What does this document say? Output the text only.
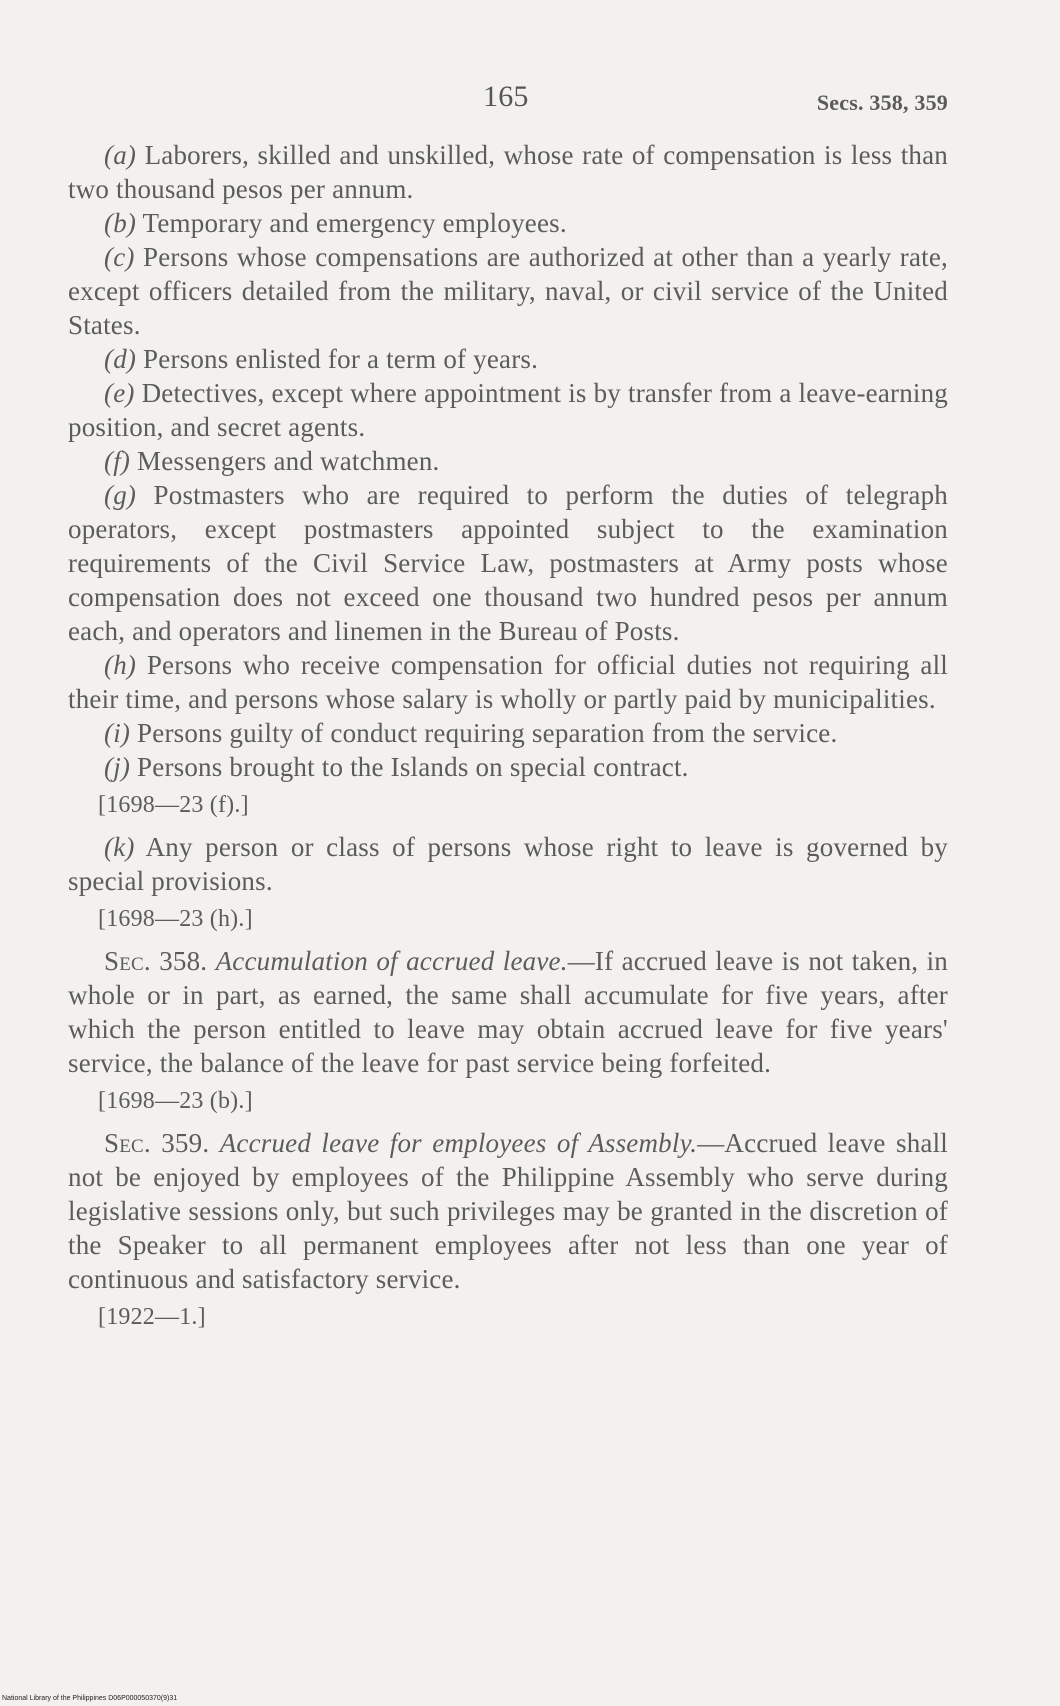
165	Secs. 358, 359

(a) Laborers, skilled and unskilled, whose rate of compensation is less than two thousand pesos per annum.

(b) Temporary and emergency employees.

(c) Persons whose compensations are authorized at other than a yearly rate, except officers detailed from the military, naval, or civil service of the United States.

(d) Persons enlisted for a term of years.

(e) Detectives, except where appointment is by transfer from a leave-earning position, and secret agents.

(f) Messengers and watchmen.

(g) Postmasters who are required to perform the duties of telegraph operators, except postmasters appointed subject to the examination requirements of the Civil Service Law, postmasters at Army posts whose compensation does not exceed one thousand two hundred pesos per annum each, and operators and linemen in the Bureau of Posts.

(h) Persons who receive compensation for official duties not requiring all their time, and persons whose salary is wholly or partly paid by municipalities.

(i) Persons guilty of conduct requiring separation from the service.

(j) Persons brought to the Islands on special contract.

[1698—23 (f).]

(k) Any person or class of persons whose right to leave is governed by special provisions.

[1698—23 (h).]

Sec. 358. Accumulation of accrued leave.—If accrued leave is not taken, in whole or in part, as earned, the same shall accumulate for five years, after which the person entitled to leave may obtain accrued leave for five years' service, the balance of the leave for past service being forfeited.

[1698—23 (b).]

Sec. 359. Accrued leave for employees of Assembly.—Accrued leave shall not be enjoyed by employees of the Philippine Assembly who serve during legislative sessions only, but such privileges may be granted in the discretion of the Speaker to all permanent employees after not less than one year of continuous and satisfactory service.

[1922—1.]

National Library of the Philippines D06P000050370(9)31
